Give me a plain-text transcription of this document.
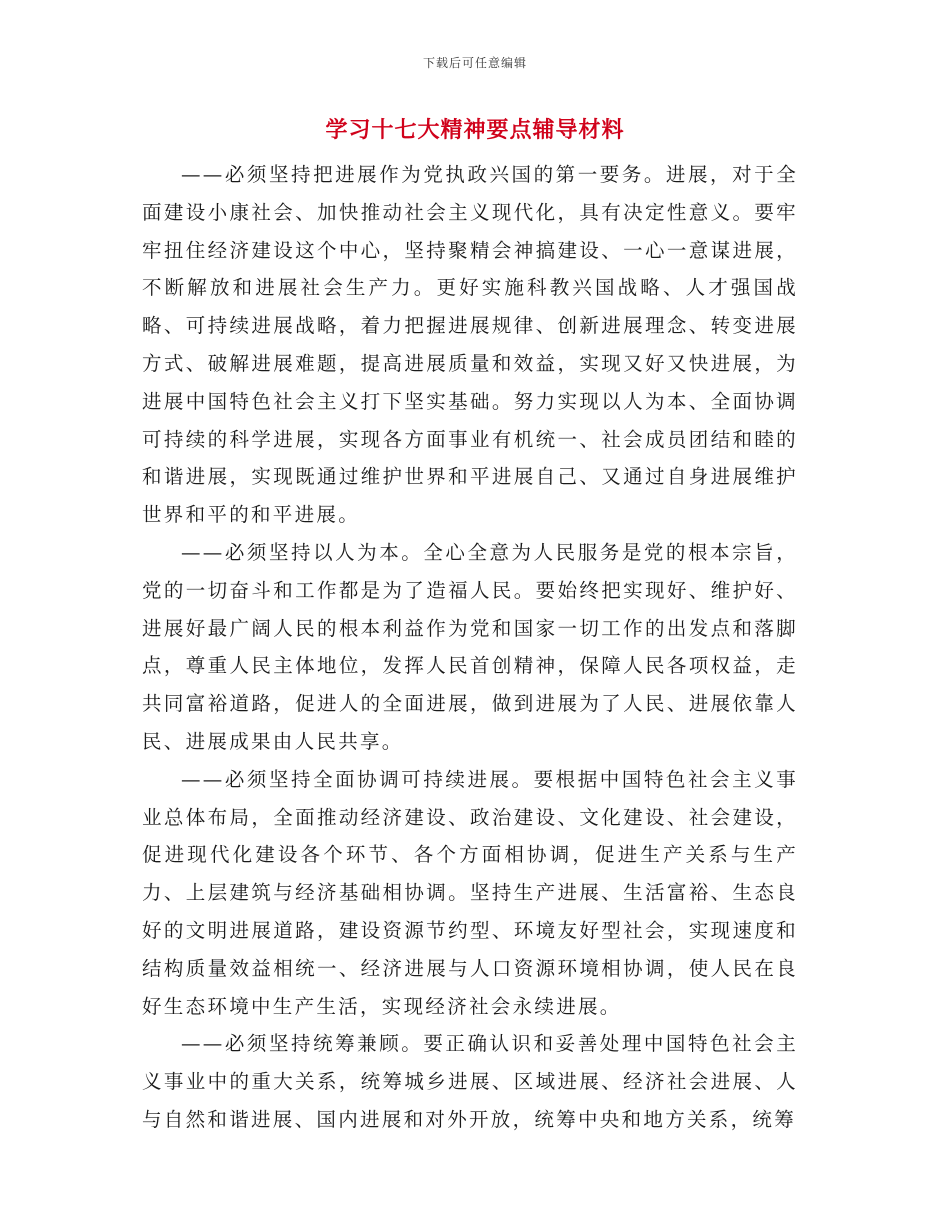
下载后可任意编辑
学习十七大精神要点辅导材料

——必须坚持把进展作为党执政兴国的第一要务。进展，对于全面建设小康社会、加快推动社会主义现代化，具有决定性意义。要牢牢扭住经济建设这个中心，坚持聚精会神搞建设、一心一意谋进展，不断解放和进展社会生产力。更好实施科教兴国战略、人才强国战略、可持续进展战略，着力把握进展规律、创新进展理念、转变进展方式、破解进展难题，提高进展质量和效益，实现又好又快进展，为进展中国特色社会主义打下坚实基础。努力实现以人为本、全面协调可持续的科学进展，实现各方面事业有机统一、社会成员团结和睦的和谐进展，实现既通过维护世界和平进展自己、又通过自身进展维护世界和平的和平进展。

——必须坚持以人为本。全心全意为人民服务是党的根本宗旨，党的一切奋斗和工作都是为了造福人民。要始终把实现好、维护好、进展好最广阔人民的根本利益作为党和国家一切工作的出发点和落脚点，尊重人民主体地位，发挥人民首创精神，保障人民各项权益，走共同富裕道路，促进人的全面进展，做到进展为了人民、进展依靠人民、进展成果由人民共享。

——必须坚持全面协调可持续进展。要根据中国特色社会主义事业总体布局，全面推动经济建设、政治建设、文化建设、社会建设，促进现代化建设各个环节、各个方面相协调，促进生产关系与生产力、上层建筑与经济基础相协调。坚持生产进展、生活富裕、生态良好的文明进展道路，建设资源节约型、环境友好型社会，实现速度和结构质量效益相统一、经济进展与人口资源环境相协调，使人民在良好生态环境中生产生活，实现经济社会永续进展。

——必须坚持统筹兼顾。要正确认识和妥善处理中国特色社会主义事业中的重大关系，统筹城乡进展、区域进展、经济社会进展、人与自然和谐进展、国内进展和对外开放，统筹中央和地方关系，统筹
